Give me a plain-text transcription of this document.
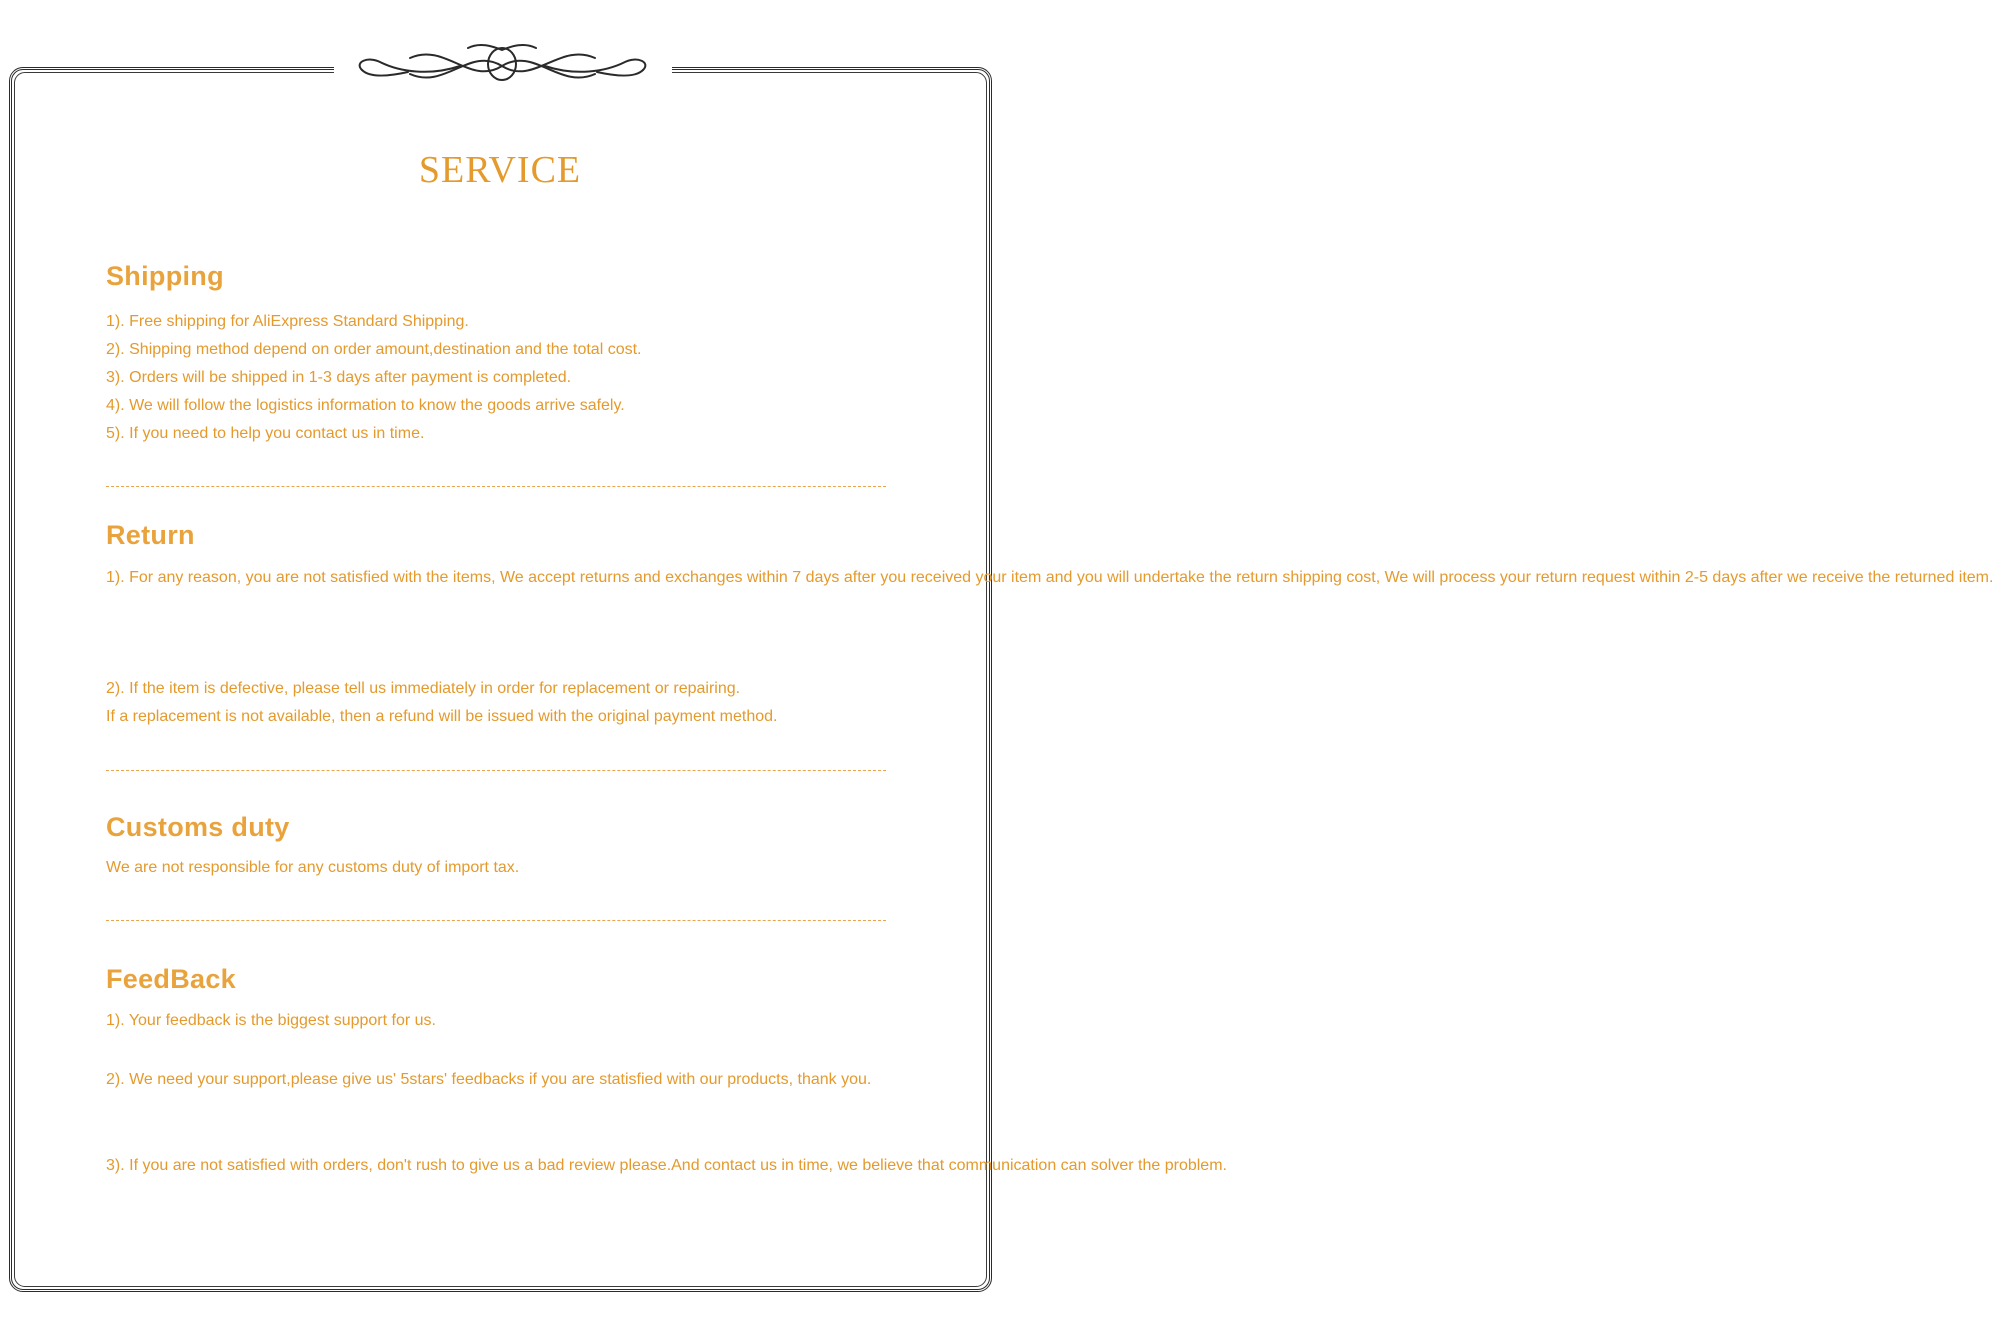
SERVICE
Shipping

1). Free shipping for AliExpress Standard Shipping.

2). Shipping method depend on order amount,destination and the total cost.

3). Orders will be shipped in 1-3 days after payment is completed.

4). We will follow the logistics information to know the goods arrive safely.

5). If you need to help you contact us in time.

Return

1). For any reason, you are not satisfied with the items, We accept returns and exchanges within 7 days after you received your item and you will undertake the return shipping cost, We will process your return request within 2-5 days after we receive the returned item.

2). If the item is defective, please tell us immediately in order for replacement or repairing.

If a replacement is not available, then a refund will be issued with the original payment method.

Customs duty

We are not responsible for any customs duty of import tax.

FeedBack

1). Your feedback is the biggest support for us.

2). We need your support,please give us' 5stars' feedbacks if you are statisfied with our products, thank you.

3). If you are not satisfied with orders, don't rush to give us a bad review please.And contact us in time, we believe that communication can solver the problem.
